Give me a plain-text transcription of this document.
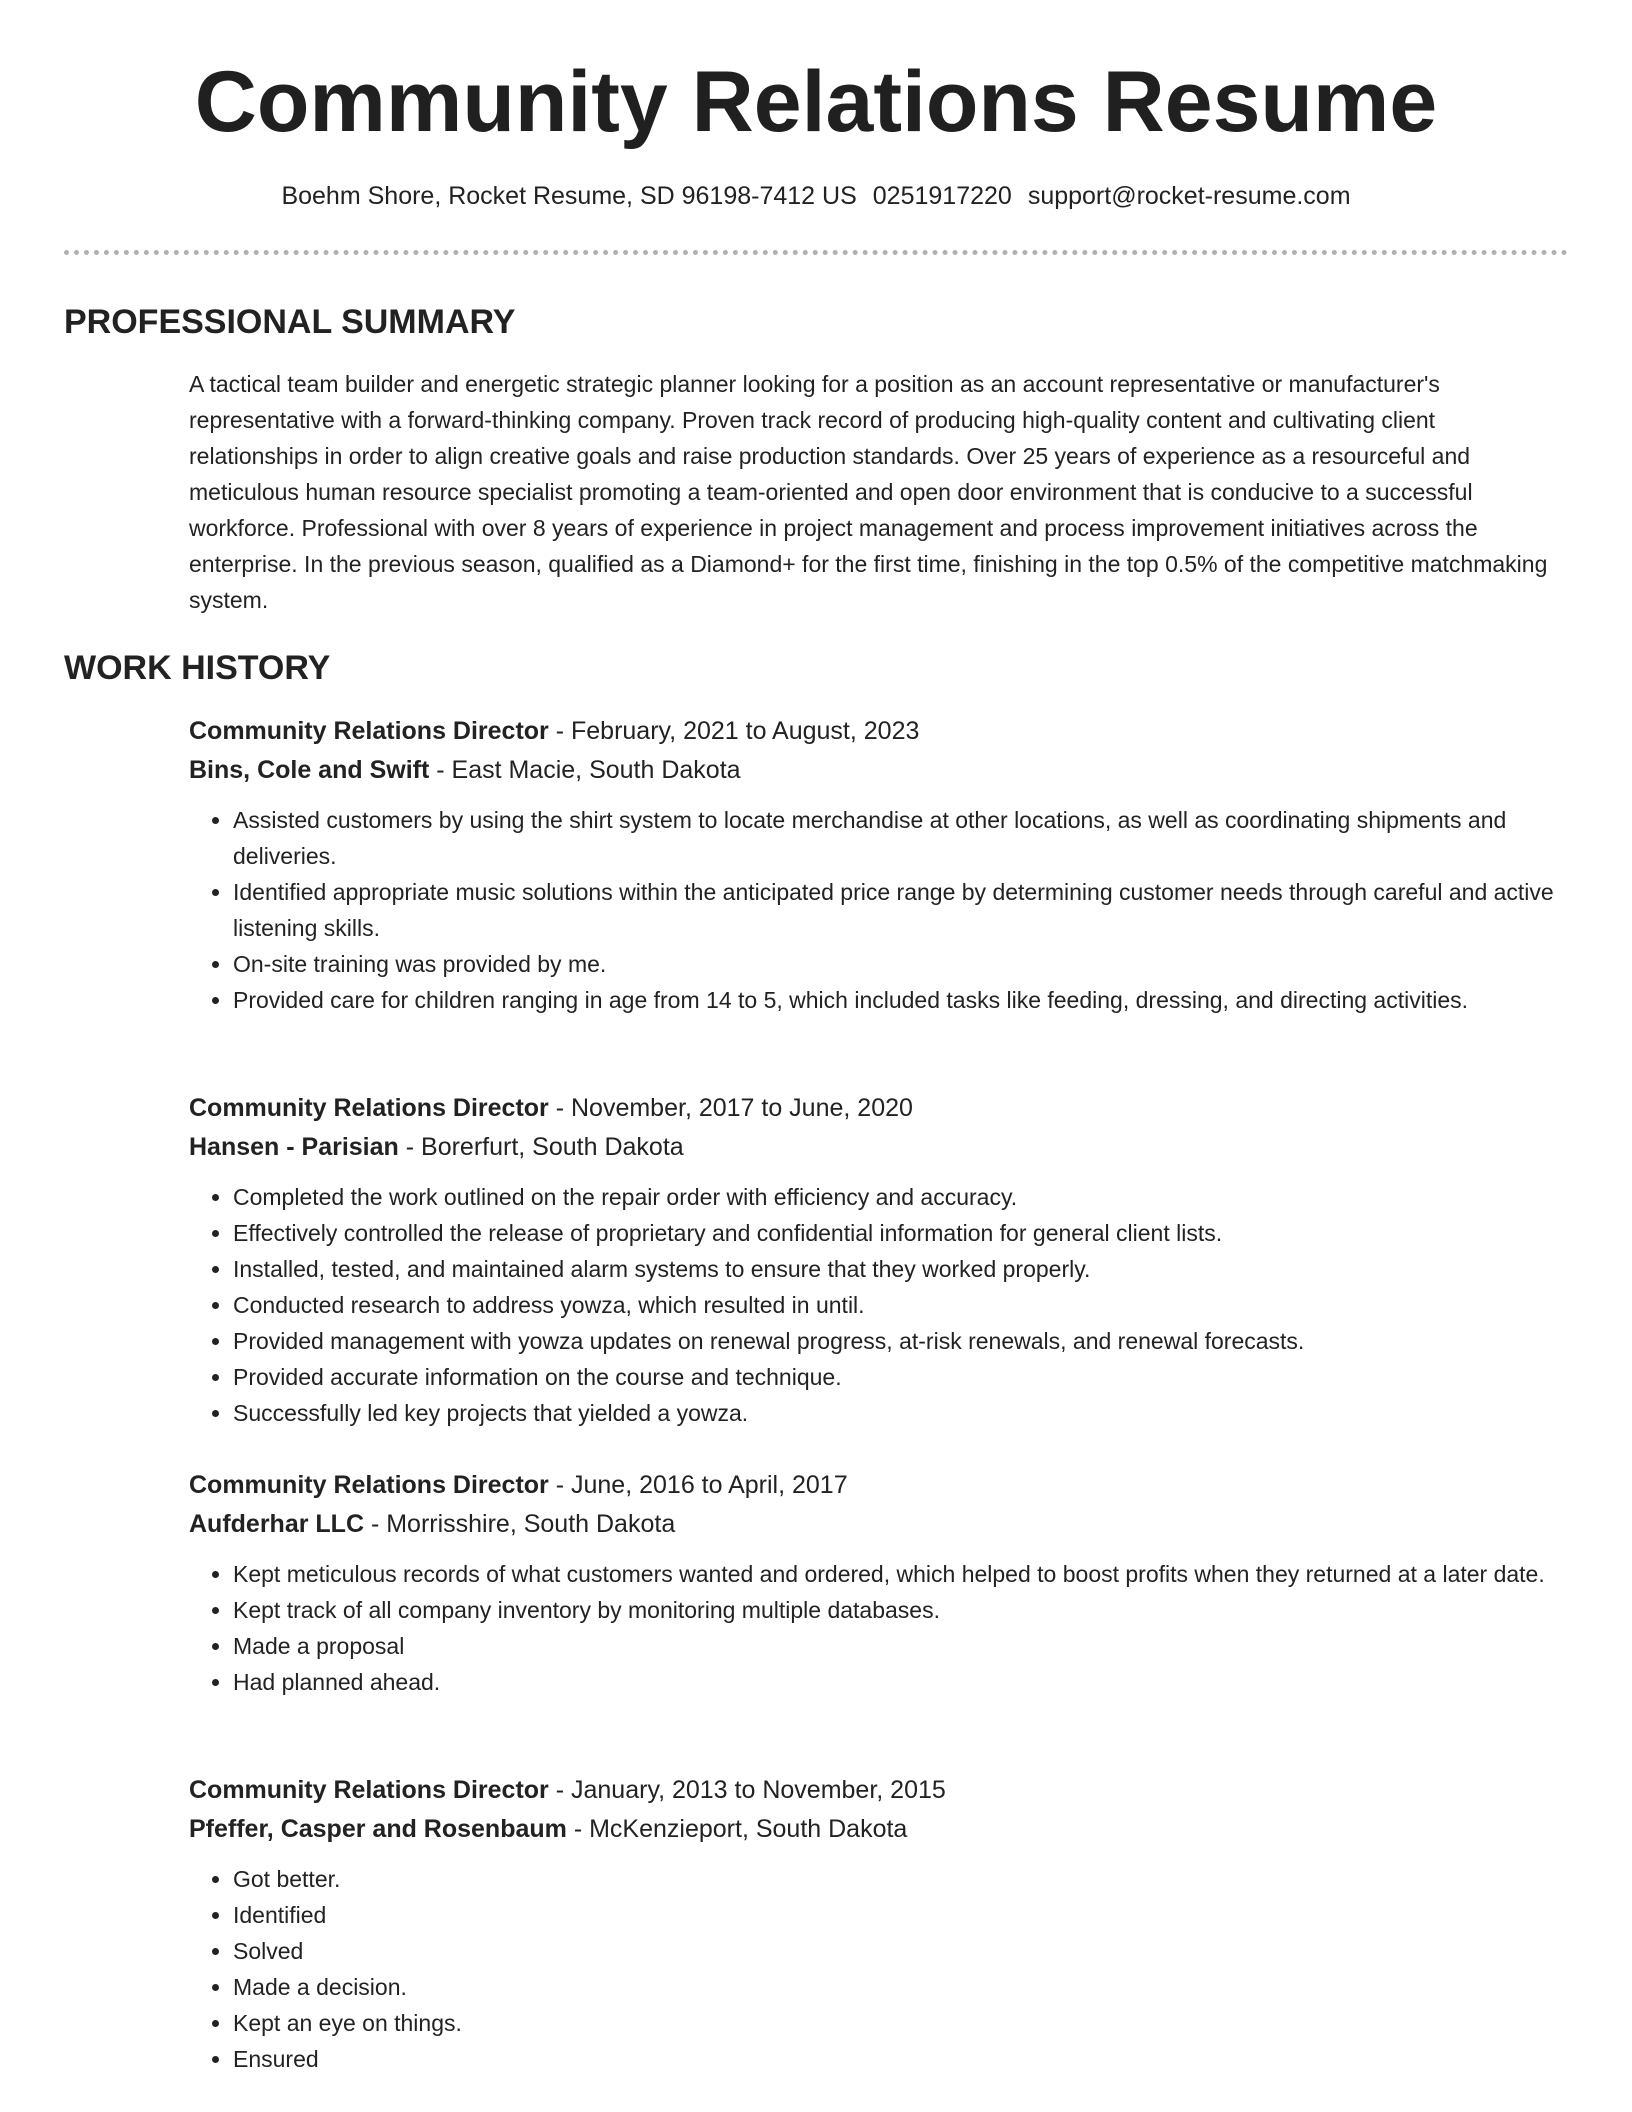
Community Relations Resume
Boehm Shore, Rocket Resume, SD 96198-7412 US 0251917220 support@rocket-resume.com
PROFESSIONAL SUMMARY

A tactical team builder and energetic strategic planner looking for a position as an account representative or manufacturer's representative with a forward-thinking company. Proven track record of producing high-quality content and cultivating client relationships in order to align creative goals and raise production standards. Over 25 years of experience as a resourceful and meticulous human resource specialist promoting a team-oriented and open door environment that is conducive to a successful workforce. Professional with over 8 years of experience in project management and process improvement initiatives across the enterprise. In the previous season, qualified as a Diamond+ for the first time, finishing in the top 0.5% of the competitive matchmaking system.

WORK HISTORY

Community Relations Director - February, 2021 to August, 2023

Bins, Cole and Swift - East Macie, South Dakota

• Assisted customers by using the shirt system to locate merchandise at other locations, as well as coordinating shipments and deliveries.
• Identified appropriate music solutions within the anticipated price range by determining customer needs through careful and active listening skills.
• On-site training was provided by me.
• Provided care for children ranging in age from 14 to 5, which included tasks like feeding, dressing, and directing activities.

Community Relations Director - November, 2017 to June, 2020

Hansen - Parisian - Borerfurt, South Dakota

• Completed the work outlined on the repair order with efficiency and accuracy.
• Effectively controlled the release of proprietary and confidential information for general client lists.
• Installed, tested, and maintained alarm systems to ensure that they worked properly.
• Conducted research to address yowza, which resulted in until.
• Provided management with yowza updates on renewal progress, at-risk renewals, and renewal forecasts.
• Provided accurate information on the course and technique.
• Successfully led key projects that yielded a yowza.

Community Relations Director - June, 2016 to April, 2017

Aufderhar LLC - Morrisshire, South Dakota

• Kept meticulous records of what customers wanted and ordered, which helped to boost profits when they returned at a later date.
• Kept track of all company inventory by monitoring multiple databases.
• Made a proposal
• Had planned ahead.

Community Relations Director - January, 2013 to November, 2015

Pfeffer, Casper and Rosenbaum - McKenzieport, South Dakota

• Got better.
• Identified
• Solved
• Made a decision.
• Kept an eye on things.
• Ensured
